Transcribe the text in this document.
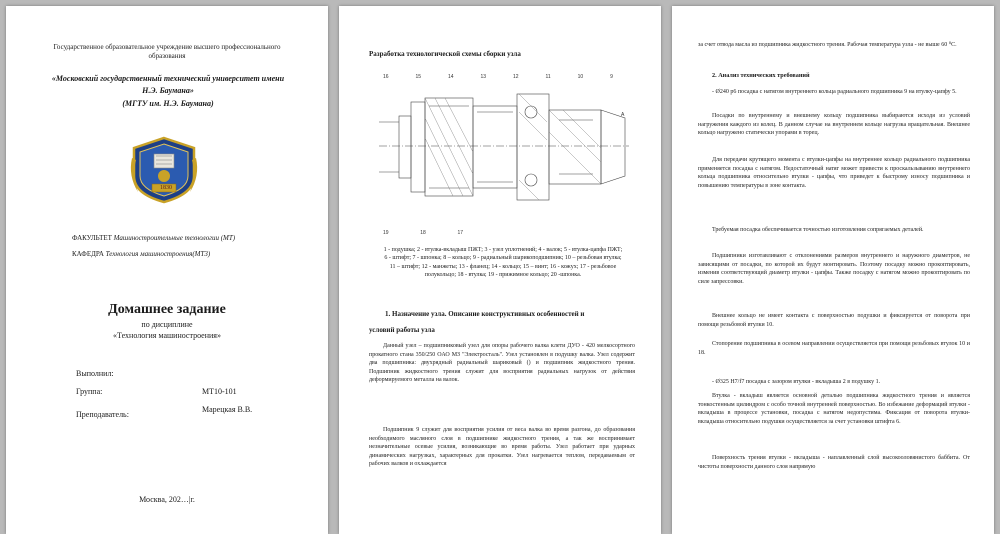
Государственное образовательное учреждение высшего профессионального образования
«Московский государственный технический университет имени
Н.Э. Баумана»
(МГТУ им. Н.Э. Баумана)
1830
ФАКУЛЬТЕТ Машиностроительные технологии (МТ)
КАФЕДРА Технология машиностроения(МТ3)
Домашнее задание
по дисциплине
«Технология машиностроения»
Выполнил:
Группа:	МТ10-101
Преподаватель:
Марецкая В.В.
Москва, 202…|г.
Разработка технологической схемы сборки узла
16	15	14	13	12	11	10	9
19	18	17
А
1 - подушка; 2 - втулка-вкладыш ПЖТ; 3 - узел уплотнений; 4 - валок; 5 - втулка-цапфа ПЖТ; 6 - штифт; 7 - шпонка; 8 – кольцо; 9 - радиальный шарикоподшипник; 10 – резьбовая втулка; 11 – штифт; 12 - манжеты; 13 - фланец; 14 - кольцо; 15 – винт; 16 - кожух; 17 - резьбовое полукольцо; 18 - втулка; 19 - прижимное кольцо; 20 -шпонка.
1. Назначение узла. Описание конструктивных особенностей и
условий работы узла
Данный узел – подшипниковый узел для опоры рабочего валка клети ДУО - 420 мелкосортного прокатного стана 350/250 ОАО МЗ "Электросталь". Узел установлен в подушку валка. Узел содержит два подшипника: двухрядный радиальный шариковый () и подшипник жидкостного трения. Подшипник жидкостного трения служит для восприятия радиальных нагрузок от действия деформируемого металла на валок.
Подшипник 9 служит для восприятия усилия от веса валка во время разгона, до образования необходимого масляного слоя в подшипнике жидкостного трения, а так же воспринимает незначительные осевые усилия, возникающие во время работы. Узел работает при ударных динамических нагрузках, характерных для прокатки. Узел нагревается теплом, передаваемым от рабочих валков и охлаждается
за счет отвода масла из подшипника жидкостного трения. Рабочая температура узла - не выше 60 ⁰С.
2. Анализ технических требований
- Ø240 p6 посадка с натягом внутреннего кольца радиального подшипника 9 на втулку-цапфу 5.
Посадки по внутреннему и внешнему кольцу подшипника выбираются исходя из условий нагружения каждого из колец. В данном случае на внутреннем кольце нагрузка вращательная. Внешнее кольцо нагружено статически упорами в торец.
Для передачи крутящего момента с втулки-цапфы на внутреннее кольцо радиального подшипника применяется посадка с натягом. Недостаточный натяг может привести к проскальзыванию внутреннего кольца подшипника относительно втулки - цапфы, что приведет к быстрому износу подшипника и повышению температуры в зоне контакта.
Требуемая посадка обеспечивается точностью изготовления сопрягаемых деталей.
Подшипники изготавливают с отклонениями размеров внутреннего и наружного диаметров, не зависящими от посадки, по которой их будут монтировать. Поэтому посадку можно прокоптировать, изменив соответствующий диаметр втулки - цапфы. Также посадку с натягом можно прокоптировать по силе запрессовки.
Внешнее кольцо не имеет контакта с поверхностью подушки и фиксируется от поворота при помощи резьбовой втулки 10.
Стопорение подшипника в осевом направлении осуществляется при помощи резьбовых втулок 10 и 18.
- Ø325 H7/f7 посадка с зазором втулки - вкладыша 2 в подушку 1.
Втулка - вкладыш является основной деталью подшипника жидкостного трения и является тонкостенным цилиндром с особо точной внутренней поверхностью. Во избежание деформаций втулки - вкладыша в процессе установки, посадка с натягом недопустима. Фиксация от поворота втулки-вкладыша относительно подушки осуществляется за счет установки штифта 6.
Поверхность трения втулки - вкладыша - наплавленный слой высокооловянистого баббита. От чистоты поверхности данного слоя напрямую
